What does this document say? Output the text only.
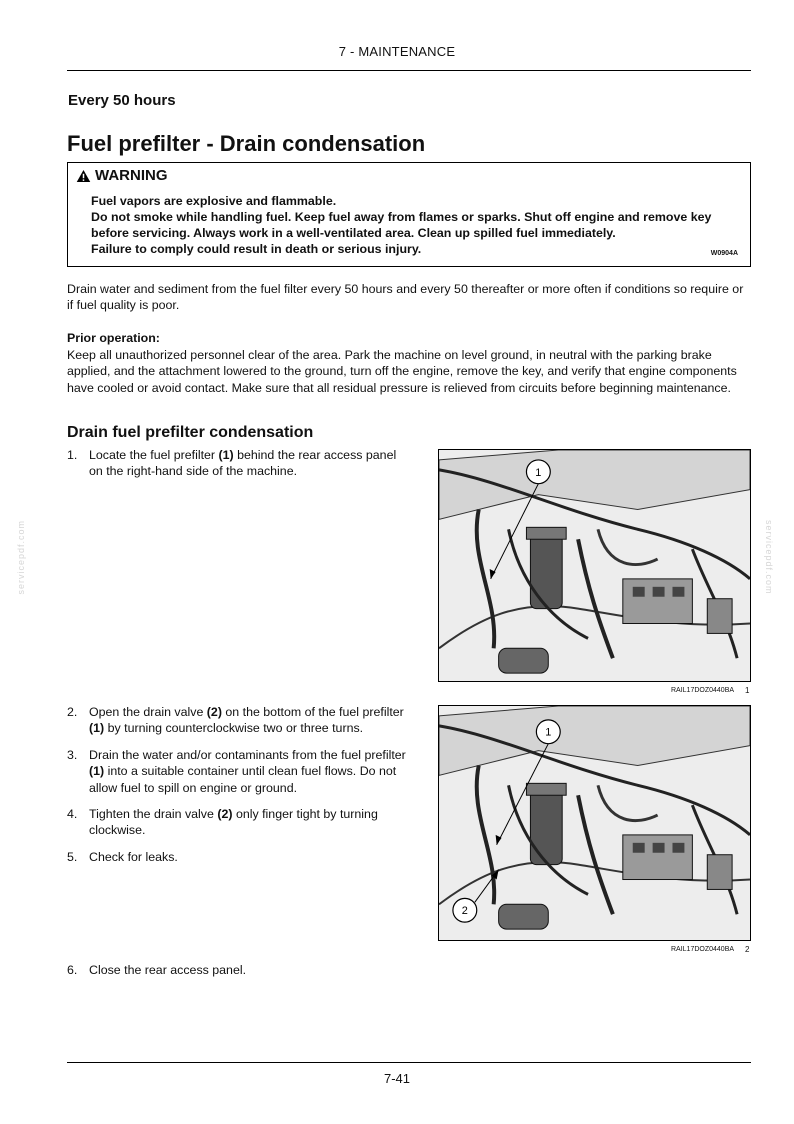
7 - MAINTENANCE
Every 50 hours
Fuel prefilter - Drain condensation
WARNING
Fuel vapors are explosive and flammable.
Do not smoke while handling fuel. Keep fuel away from flames or sparks. Shut off engine and remove key before servicing. Always work in a well-ventilated area. Clean up spilled fuel immediately.
Failure to comply could result in death or serious injury.	W0904A
Drain water and sediment from the fuel filter every 50 hours and every 50 thereafter or more often if conditions so require or if fuel quality is poor.
Prior operation:
Keep all unauthorized personnel clear of the area. Park the machine on level ground, in neutral with the parking brake applied, and the attachment lowered to the ground, turn off the engine, remove the key, and verify that engine components have cooled or avoid contact. Make sure that all residual pressure is relieved from circuits before beginning maintenance.
Drain fuel prefilter condensation
1. Locate the fuel prefilter (1) behind the rear access panel on the right-hand side of the machine.
2. Open the drain valve (2) on the bottom of the fuel prefilter (1) by turning counterclockwise two or three turns.
3. Drain the water and/or contaminants from the fuel prefilter (1) into a suitable container until clean fuel flows. Do not allow fuel to spill on engine or ground.
4. Tighten the drain valve (2) only finger tight by turning clockwise.
5. Check for leaks.
6. Close the rear access panel.
1
RAIL17DOZ0440BA 1
1
2
RAIL17DOZ0440BA 2
servicepdf.com	servicepdf.com
7-41
